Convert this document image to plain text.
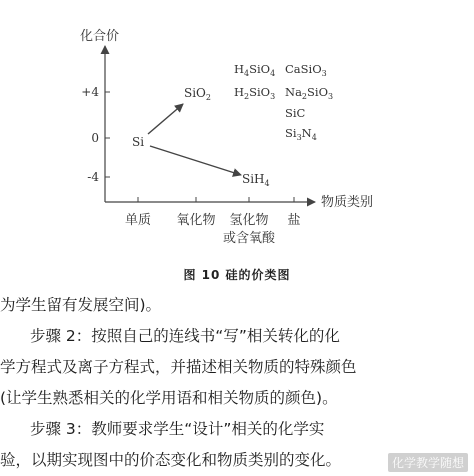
化合价
物质类别
+4
0
-4
单质 氧化物 氢化物
或含氧酸
盐
Si
SiO$_2$
SiH$_4$
$H_4SiO_4$ CaSiO$_3$
$H_2SiO_3$ $Na_2SiO_3$
SiC
$Si_3N_4$
图 10 硅的价类图

为学生留有发展空间)。

步骤 2：按照自己的连线书“写”相关转化的化

学方程式及离子方程式，并描述相关物质的特殊颜色

(让学生熟悉相关的化学用语和相关物质的颜色)。

步骤 3：教师要求学生“设计”相关的化学实

验，以期实现图中的价态变化和物质类别的变化。	化学教学随想
